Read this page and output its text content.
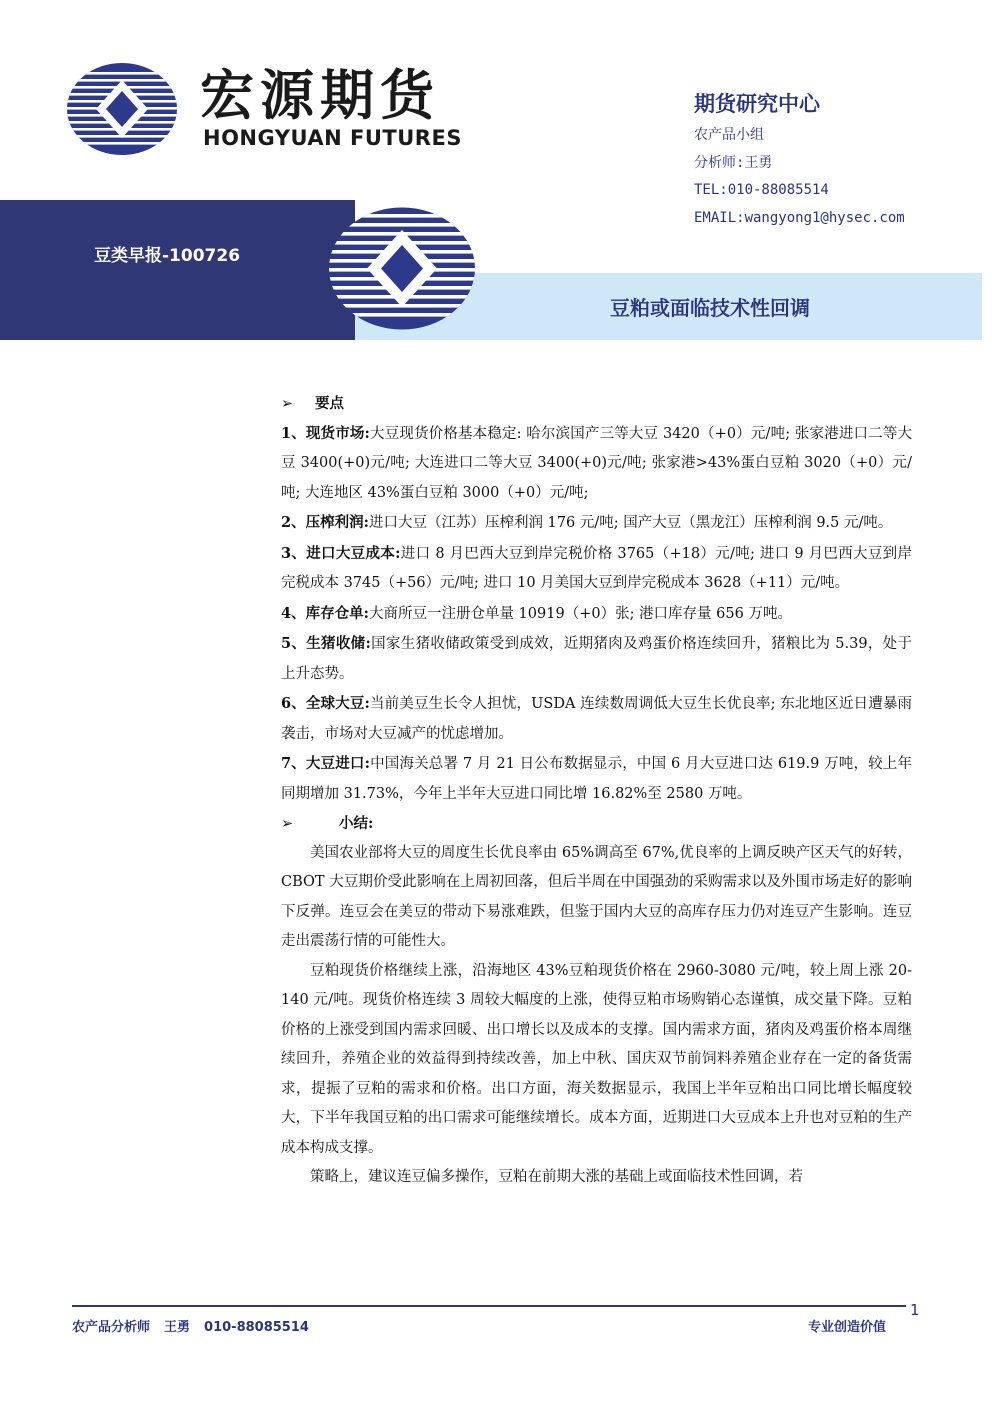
宏源期货

HONGYUAN FUTURES

期货研究中心
农产品小组
分析师:王勇
TEL:010-88085514
EMAIL:wangyong1@hysec.com
豆类早报-100726
豆粕或面临技术性回调
➢ 要点
1、现货市场:大豆现货价格基本稳定: 哈尔滨国产三等大豆 3420（+0）元/吨; 张家港进口二等大豆 3400(+0)元/吨; 大连进口二等大豆 3400(+0)元/吨; 张家港>43%蛋白豆粕 3020（+0）元/吨; 大连地区 43%蛋白豆粕 3000（+0）元/吨;
2、压榨利润:进口大豆（江苏）压榨利润 176 元/吨; 国产大豆（黑龙江）压榨利润 9.5 元/吨。
3、进口大豆成本:进口 8 月巴西大豆到岸完税价格 3765（+18）元/吨; 进口 9 月巴西大豆到岸完税成本 3745（+56）元/吨; 进口 10 月美国大豆到岸完税成本 3628（+11）元/吨。
4、库存仓单:大商所豆一注册仓单量 10919（+0）张; 港口库存量 656 万吨。
5、生猪收储:国家生猪收储政策受到成效，近期猪肉及鸡蛋价格连续回升，猪粮比为 5.39，处于上升态势。
6、全球大豆:当前美豆生长令人担忧，USDA 连续数周调低大豆生长优良率; 东北地区近日遭暴雨袭击，市场对大豆减产的忧虑增加。
7、大豆进口:中国海关总署 7 月 21 日公布数据显示，中国 6 月大豆进口达 619.9 万吨，较上年同期增加 31.73%，今年上半年大豆进口同比增 16.82%至 2580 万吨。
➢	小结:

美国农业部将大豆的周度生长优良率由 65%调高至 67%,优良率的上调反映产区天气的好转，CBOT 大豆期价受此影响在上周初回落，但后半周在中国强劲的采购需求以及外围市场走好的影响下反弹。连豆会在美豆的带动下易涨难跌，但鉴于国内大豆的高库存压力仍对连豆产生影响。连豆走出震荡行情的可能性大。

豆粕现货价格继续上涨，沿海地区 43%豆粕现货价格在 2960-3080 元/吨，较上周上涨 20-140 元/吨。现货价格连续 3 周较大幅度的上涨，使得豆粕市场购销心态谨慎，成交量下降。豆粕价格的上涨受到国内需求回暖、出口增长以及成本的支撑。国内需求方面，猪肉及鸡蛋价格本周继续回升，养殖企业的效益得到持续改善，加上中秋、国庆双节前饲料养殖企业存在一定的备货需求，提振了豆粕的需求和价格。出口方面，海关数据显示，我国上半年豆粕出口同比增长幅度较大，下半年我国豆粕的出口需求可能继续增长。成本方面，近期进口大豆成本上升也对豆粕的生产成本构成支撑。

策略上，建议连豆偏多操作，豆粕在前期大涨的基础上或面临技术性回调，若

1
农产品分析师 王勇 010-88085514	专业创造价值
